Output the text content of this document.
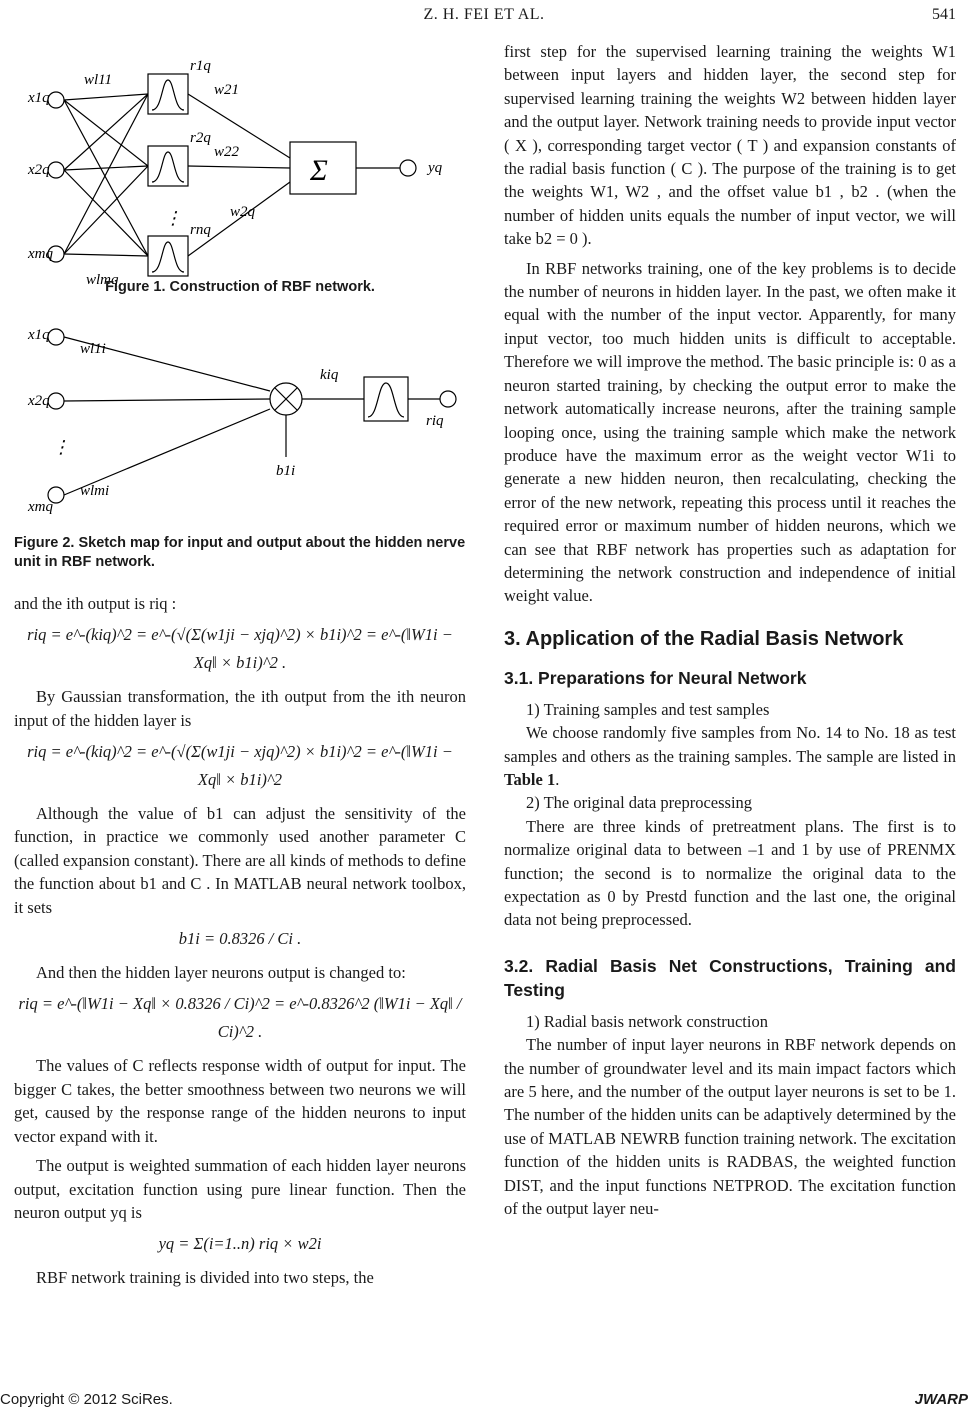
Z. H. FEI ET AL.	541
x1q
x2q
xmq
wl11
wlmq
r1q
r2q
rnq
w21
w22
w2q
Σ	yq
⋮
Figure 1. Construction of RBF network.
x1q
x2q
xmq
wl1i
wlmi
kiq
b1i
riq
⋮
Figure 2. Sketch map for input and output about the hidden nerve unit in RBF network.

and the ith output is riq :

riq = e^-(kiq)^2 = e^-(√(Σ(w1ji − xjq)^2) × b1i)^2 = e^-(‖W1i − Xq‖ × b1i)^2 .

By Gaussian transformation, the ith output from the ith neuron input of the hidden layer is

riq = e^-(kiq)^2 = e^-(√(Σ(w1ji − xjq)^2) × b1i)^2 = e^-(‖W1i − Xq‖ × b1i)^2

Although the value of b1 can adjust the sensitivity of the function, in practice we commonly used another parameter C (called expansion constant). There are all kinds of methods to define the function about b1 and C . In MATLAB neural network toolbox, it sets

b1i = 0.8326 / Ci .

And then the hidden layer neurons output is changed to:

riq = e^-(‖W1i − Xq‖ × 0.8326 / Ci)^2 = e^-0.8326^2 (‖W1i − Xq‖ / Ci)^2 .

The values of C reflects response width of output for input. The bigger C takes, the better smoothness between two neurons we will get, caused by the response range of the hidden neurons to input vector expand with it.

The output is weighted summation of each hidden layer neurons output, excitation function using pure linear function. Then the neuron output yq is

yq = Σ(i=1..n) riq × w2i

RBF network training is divided into two steps, the

first step for the supervised learning training the weights W1 between input layers and hidden layer, the second step for supervised learning training the weights W2 between hidden layer and the output layer. Network training needs to provide input vector ( X ), corresponding target vector ( T ) and expansion constants of the radial basis function ( C ). The purpose of the training is to get the weights W1, W2 , and the offset value b1 , b2 . (when the number of hidden units equals the number of input vector, we will take b2 = 0 ).

In RBF networks training, one of the key problems is to decide the number of neurons in hidden layer. In the past, we often make it equal with the number of the input vector. Apparently, for many input vector, too much hidden units is difficult to acceptable. Therefore we will improve the method. The basic principle is: 0 as a neuron started training, by checking the output error to make the network automatically increase neurons, after the training sample looping once, using the training sample which make the network produce have the maximum error as the weight vector W1i to generate a new hidden neuron, then recalculating, checking the error of the new network, repeating this process until it reaches the required error or maximum number of hidden neurons, which we can see that RBF network has properties such as adaptation for determining the network construction and independence of initial weight value.

3. Application of the Radial Basis Network
3.1. Preparations for Neural Network

1) Training samples and test samples

We choose randomly five samples from No. 14 to No. 18 as test samples and others as the training samples. The sample are listed in Table 1.

2) The original data preprocessing

There are three kinds of pretreatment plans. The first is to normalize original data to between –1 and 1 by use of PRENMX function; the second is to normalize the original data to the expectation as 0 by Prestd function and the last one, the original data not being preprocessed.

3.2. Radial Basis Net Constructions, Training and Testing

1) Radial basis network construction

The number of input layer neurons in RBF network depends on the number of groundwater level and its main impact factors which are 5 here, and the number of the output layer neurons is set to be 1. The number of the hidden units can be adaptively determined by the use of MATLAB NEWRB function training network. The excitation function of the hidden units is RADBAS, the weighted function DIST, and the input functions NETPROD. The excitation function of the output layer neu-

Copyright © 2012 SciRes.	JWARP
